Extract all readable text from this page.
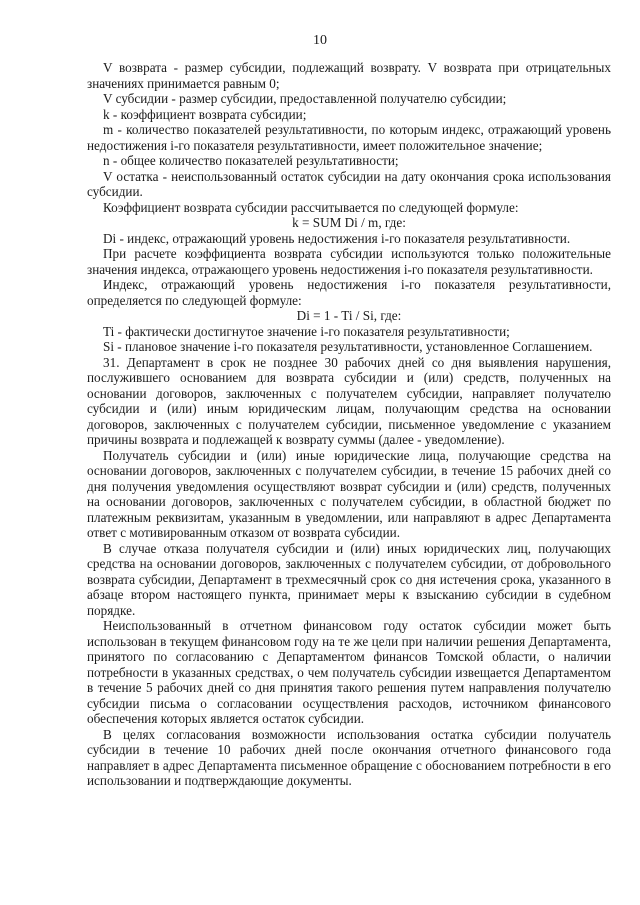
10

V возврата - размер субсидии, подлежащий возврату. V возврата при отрицательных значениях принимается равным 0;

V субсидии - размер субсидии, предоставленной получателю субсидии;

k - коэффициент возврата субсидии;

m - количество показателей результативности, по которым индекс, отражающий уровень недостижения i-го показателя результативности, имеет положительное значение;

n - общее количество показателей результативности;

V остатка - неиспользованный остаток субсидии на дату окончания срока использования субсидии.

Коэффициент возврата субсидии рассчитывается по следующей формуле:

k = SUM Di / m, где:

Di - индекс, отражающий уровень недостижения i-го показателя результативности.

При расчете коэффициента возврата субсидии используются только положительные значения индекса, отражающего уровень недостижения i-го показателя результативности.

Индекс, отражающий уровень недостижения i-го показателя результативности, определяется по следующей формуле:

Di = 1 - Ti / Si, где:

Ti - фактически достигнутое значение i-го показателя результативности;

Si - плановое значение i-го показателя результативности, установленное Соглашением.

31. Департамент в срок не позднее 30 рабочих дней со дня выявления нарушения, послужившего основанием для возврата субсидии и (или) средств, полученных на основании договоров, заключенных с получателем субсидии, направляет получателю субсидии и (или) иным юридическим лицам, получающим средства на основании договоров, заключенных с получателем субсидии, письменное уведомление с указанием причины возврата и подлежащей к возврату суммы (далее - уведомление).

Получатель субсидии и (или) иные юридические лица, получающие средства на основании договоров, заключенных с получателем субсидии, в течение 15 рабочих дней со дня получения уведомления осуществляют возврат субсидии и (или) средств, полученных на основании договоров, заключенных с получателем субсидии, в областной бюджет по платежным реквизитам, указанным в уведомлении, или направляют в адрес Департамента ответ с мотивированным отказом от возврата субсидии.

В случае отказа получателя субсидии и (или) иных юридических лиц, получающих средства на основании договоров, заключенных с получателем субсидии, от добровольного возврата субсидии, Департамент в трехмесячный срок со дня истечения срока, указанного в абзаце втором настоящего пункта, принимает меры к взысканию субсидии в судебном порядке.

Неиспользованный в отчетном финансовом году остаток субсидии может быть использован в текущем финансовом году на те же цели при наличии решения Департамента, принятого по согласованию с Департаментом финансов Томской области, о наличии потребности в указанных средствах, о чем получатель субсидии извещается Департаментом в течение 5 рабочих дней со дня принятия такого решения путем направления получателю субсидии письма о согласовании осуществления расходов, источником финансового обеспечения которых является остаток субсидии.

В целях согласования возможности использования остатка субсидии получатель субсидии в течение 10 рабочих дней после окончания отчетного финансового года направляет в адрес Департамента письменное обращение с обоснованием потребности в его использовании и подтверждающие документы.
